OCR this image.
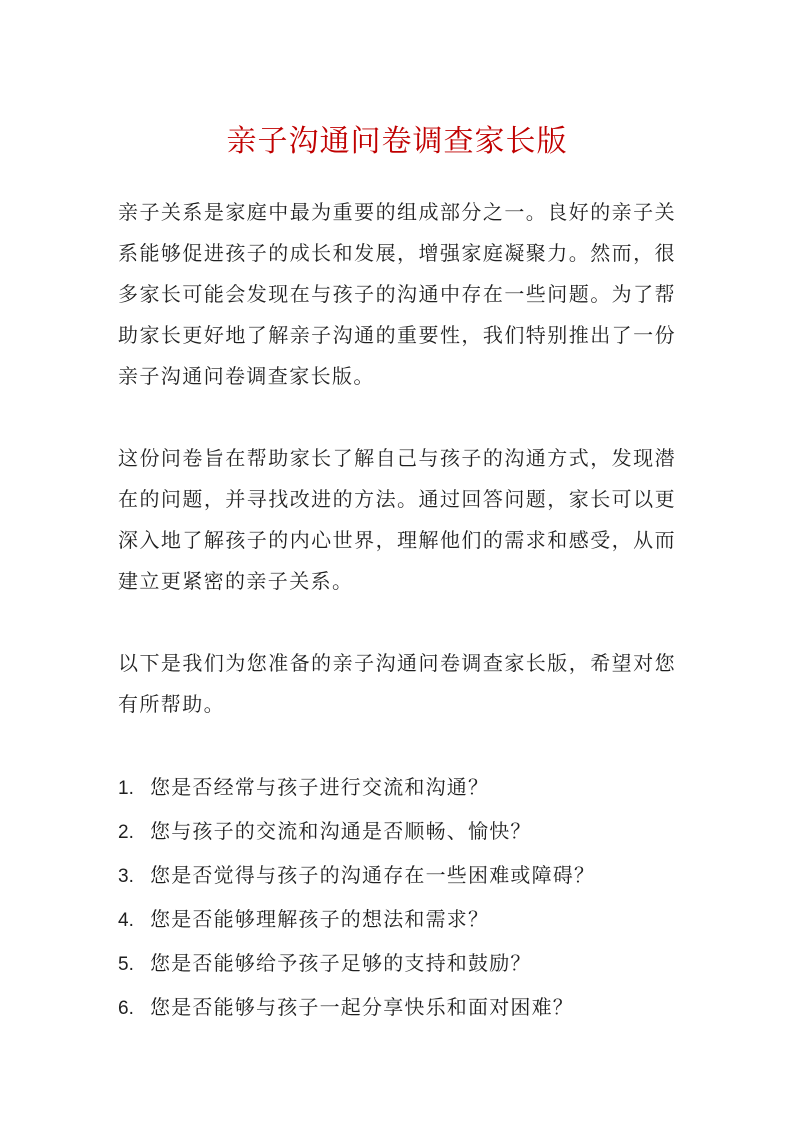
亲子沟通问卷调查家长版

亲子关系是家庭中最为重要的组成部分之一。良好的亲子关系能够促进孩子的成长和发展，增强家庭凝聚力。然而，很多家长可能会发现在与孩子的沟通中存在一些问题。为了帮助家长更好地了解亲子沟通的重要性，我们特别推出了一份亲子沟通问卷调查家长版。

这份问卷旨在帮助家长了解自己与孩子的沟通方式，发现潜在的问题，并寻找改进的方法。通过回答问题，家长可以更深入地了解孩子的内心世界，理解他们的需求和感受，从而建立更紧密的亲子关系。

以下是我们为您准备的亲子沟通问卷调查家长版，希望对您有所帮助。

1. 您是否经常与孩子进行交流和沟通？
2. 您与孩子的交流和沟通是否顺畅、愉快？
3. 您是否觉得与孩子的沟通存在一些困难或障碍？
4. 您是否能够理解孩子的想法和需求？
5. 您是否能够给予孩子足够的支持和鼓励？
6. 您是否能够与孩子一起分享快乐和面对困难？
